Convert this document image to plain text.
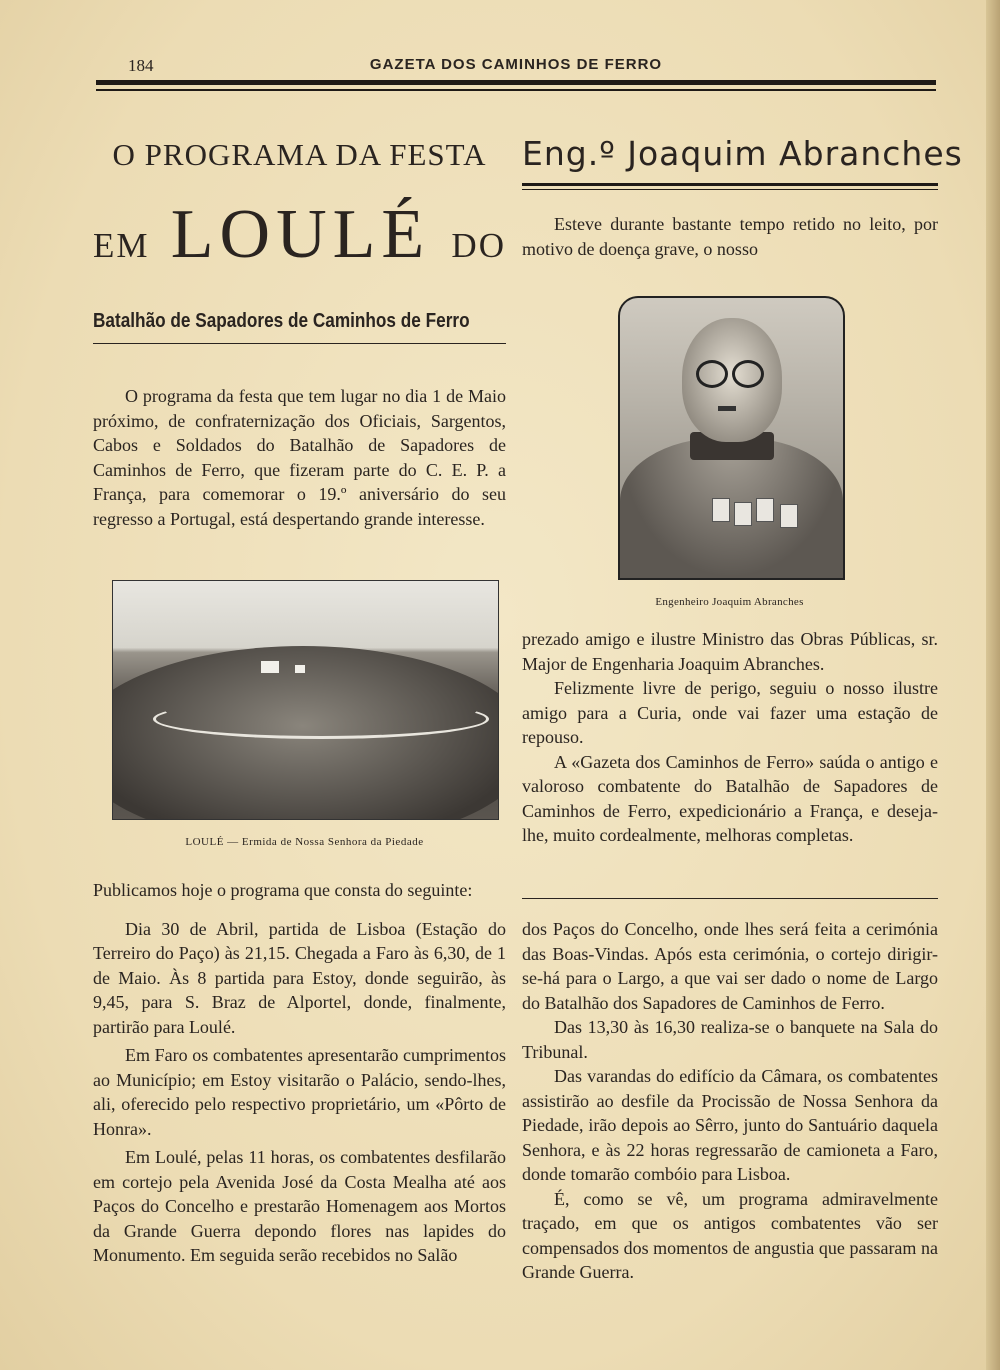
184	GAZETA DOS CAMINHOS DE FERRO
O PROGRAMA DA FESTA
EM LOULÉ DO
Batalhão de Sapadores de Caminhos de Ferro

O programa da festa que tem lugar no dia 1 de Maio próximo, de confraternização dos Oficiais, Sargentos, Cabos e Soldados do Batalhão de Sapadores de Caminhos de Ferro, que fizeram parte do C. E. P. a França, para comemorar o 19.º aniversário do seu regresso a Portugal, está despertando grande interesse.

LOULÉ — Ermida de Nossa Senhora da Piedade

Publicamos hoje o programa que consta do seguinte:

Dia 30 de Abril, partida de Lisboa (Estação do Terreiro do Paço) às 21,15. Chegada a Faro às 6,30, de 1 de Maio. Às 8 partida para Estoy, donde seguirão, às 9,45, para S. Braz de Alportel, donde, finalmente, partirão para Loulé.

Em Faro os combatentes apresentarão cumprimentos ao Município; em Estoy visitarão o Palácio, sendo-lhes, ali, oferecido pelo respectivo proprietário, um «Pôrto de Honra».

Em Loulé, pelas 11 horas, os combatentes desfilarão em cortejo pela Avenida José da Costa Mealha até aos Paços do Concelho e prestarão Homenagem aos Mortos da Grande Guerra depondo flores nas lapides do Monumento. Em seguida serão recebidos no Salão

Eng.º Joaquim Abranches

Esteve durante bastante tempo retido no leito, por motivo de doença grave, o nosso

Engenheiro Joaquim Abranches

prezado amigo e ilustre Ministro das Obras Públicas, sr. Major de Engenharia Joaquim Abranches.

Felizmente livre de perigo, seguiu o nosso ilustre amigo para a Curia, onde vai fazer uma estação de repouso.

A «Gazeta dos Caminhos de Ferro» saúda o antigo e valoroso combatente do Batalhão de Sapadores de Caminhos de Ferro, expedicionário a França, e deseja-lhe, muito cordealmente, melhoras completas.

dos Paços do Concelho, onde lhes será feita a cerimónia das Boas-Vindas. Após esta cerimónia, o cortejo dirigir-se-há para o Largo, a que vai ser dado o nome de Largo do Batalhão dos Sapadores de Caminhos de Ferro.

Das 13,30 às 16,30 realiza-se o banquete na Sala do Tribunal.

Das varandas do edifício da Câmara, os combatentes assistirão ao desfile da Procissão de Nossa Senhora da Piedade, irão depois ao Sêrro, junto do Santuário daquela Senhora, e às 22 horas regressarão de camioneta a Faro, donde tomarão combóio para Lisboa.

É, como se vê, um programa admiravelmente traçado, em que os antigos combatentes vão ser compensados dos momentos de angustia que passaram na Grande Guerra.
